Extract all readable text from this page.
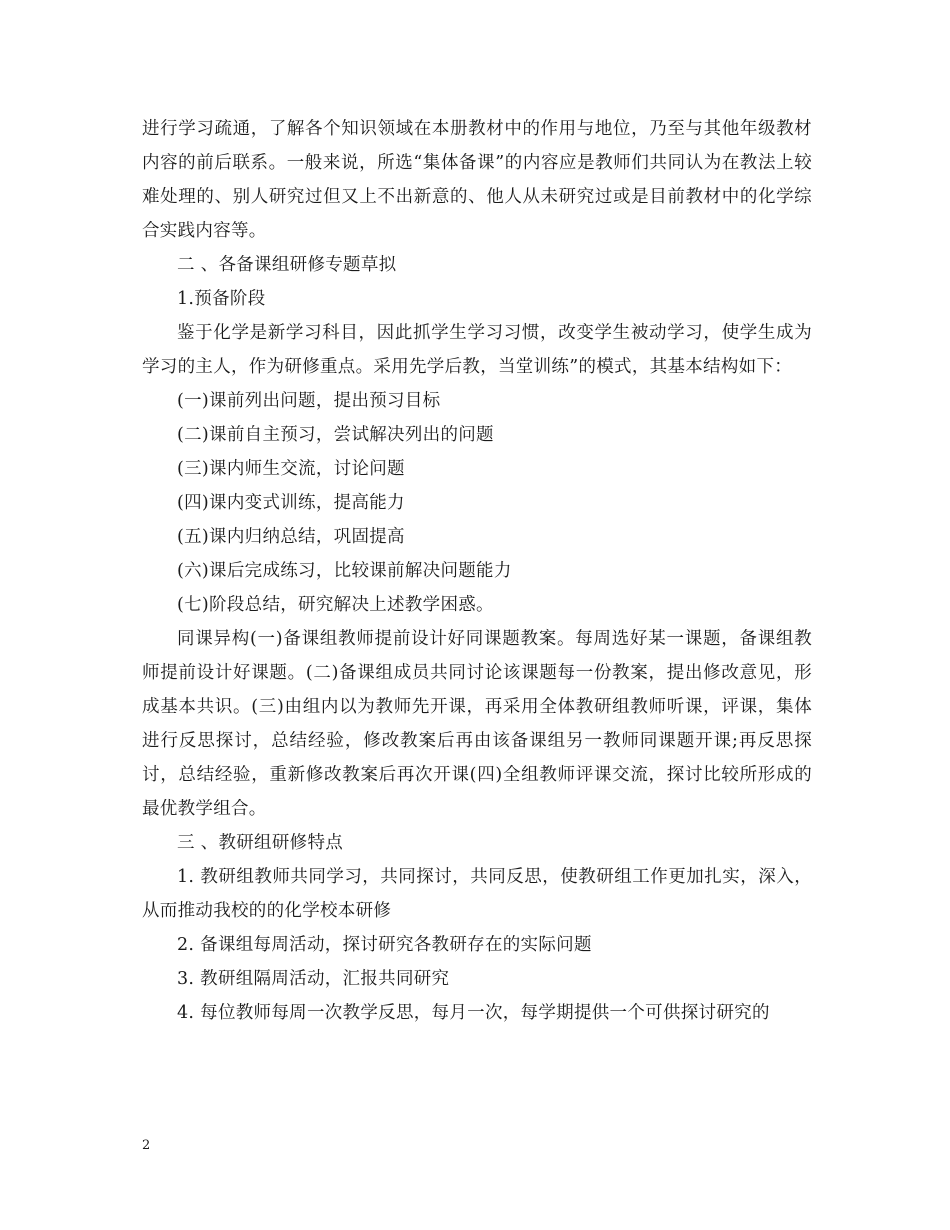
进行学习疏通，了解各个知识领域在本册教材中的作用与地位，乃至与其他年级教材内容的前后联系。一般来说，所选“集体备课”的内容应是教师们共同认为在教法上较难处理的、别人研究过但又上不出新意的、他人从未研究过或是目前教材中的化学综合实践内容等。

二 、各备课组研修专题草拟

1.预备阶段

鉴于化学是新学习科目，因此抓学生学习习惯，改变学生被动学习，使学生成为学习的主人，作为研修重点。采用先学后教，当堂训练”的模式，其基本结构如下：

(一)课前列出问题，提出预习目标

(二)课前自主预习，尝试解决列出的问题

(三)课内师生交流，讨论问题

(四)课内变式训练，提高能力

(五)课内归纳总结，巩固提高

(六)课后完成练习，比较课前解决问题能力

(七)阶段总结，研究解决上述教学困惑。

同课异构(一)备课组教师提前设计好同课题教案。每周选好某一课题，备课组教师提前设计好课题。(二)备课组成员共同讨论该课题每一份教案，提出修改意见，形成基本共识。(三)由组内以为教师先开课，再采用全体教研组教师听课，评课，集体进行反思探讨，总结经验，修改教案后再由该备课组另一教师同课题开课;再反思探讨，总结经验，重新修改教案后再次开课(四)全组教师评课交流，探讨比较所形成的最优教学组合。

三 、教研组研修特点

1. 教研组教师共同学习，共同探讨，共同反思，使教研组工作更加扎实，深入，从而推动我校的的化学校本研修

2. 备课组每周活动，探讨研究各教研存在的实际问题

3. 教研组隔周活动，汇报共同研究

4. 每位教师每周一次教学反思，每月一次，每学期提供一个可供探讨研究的

2
